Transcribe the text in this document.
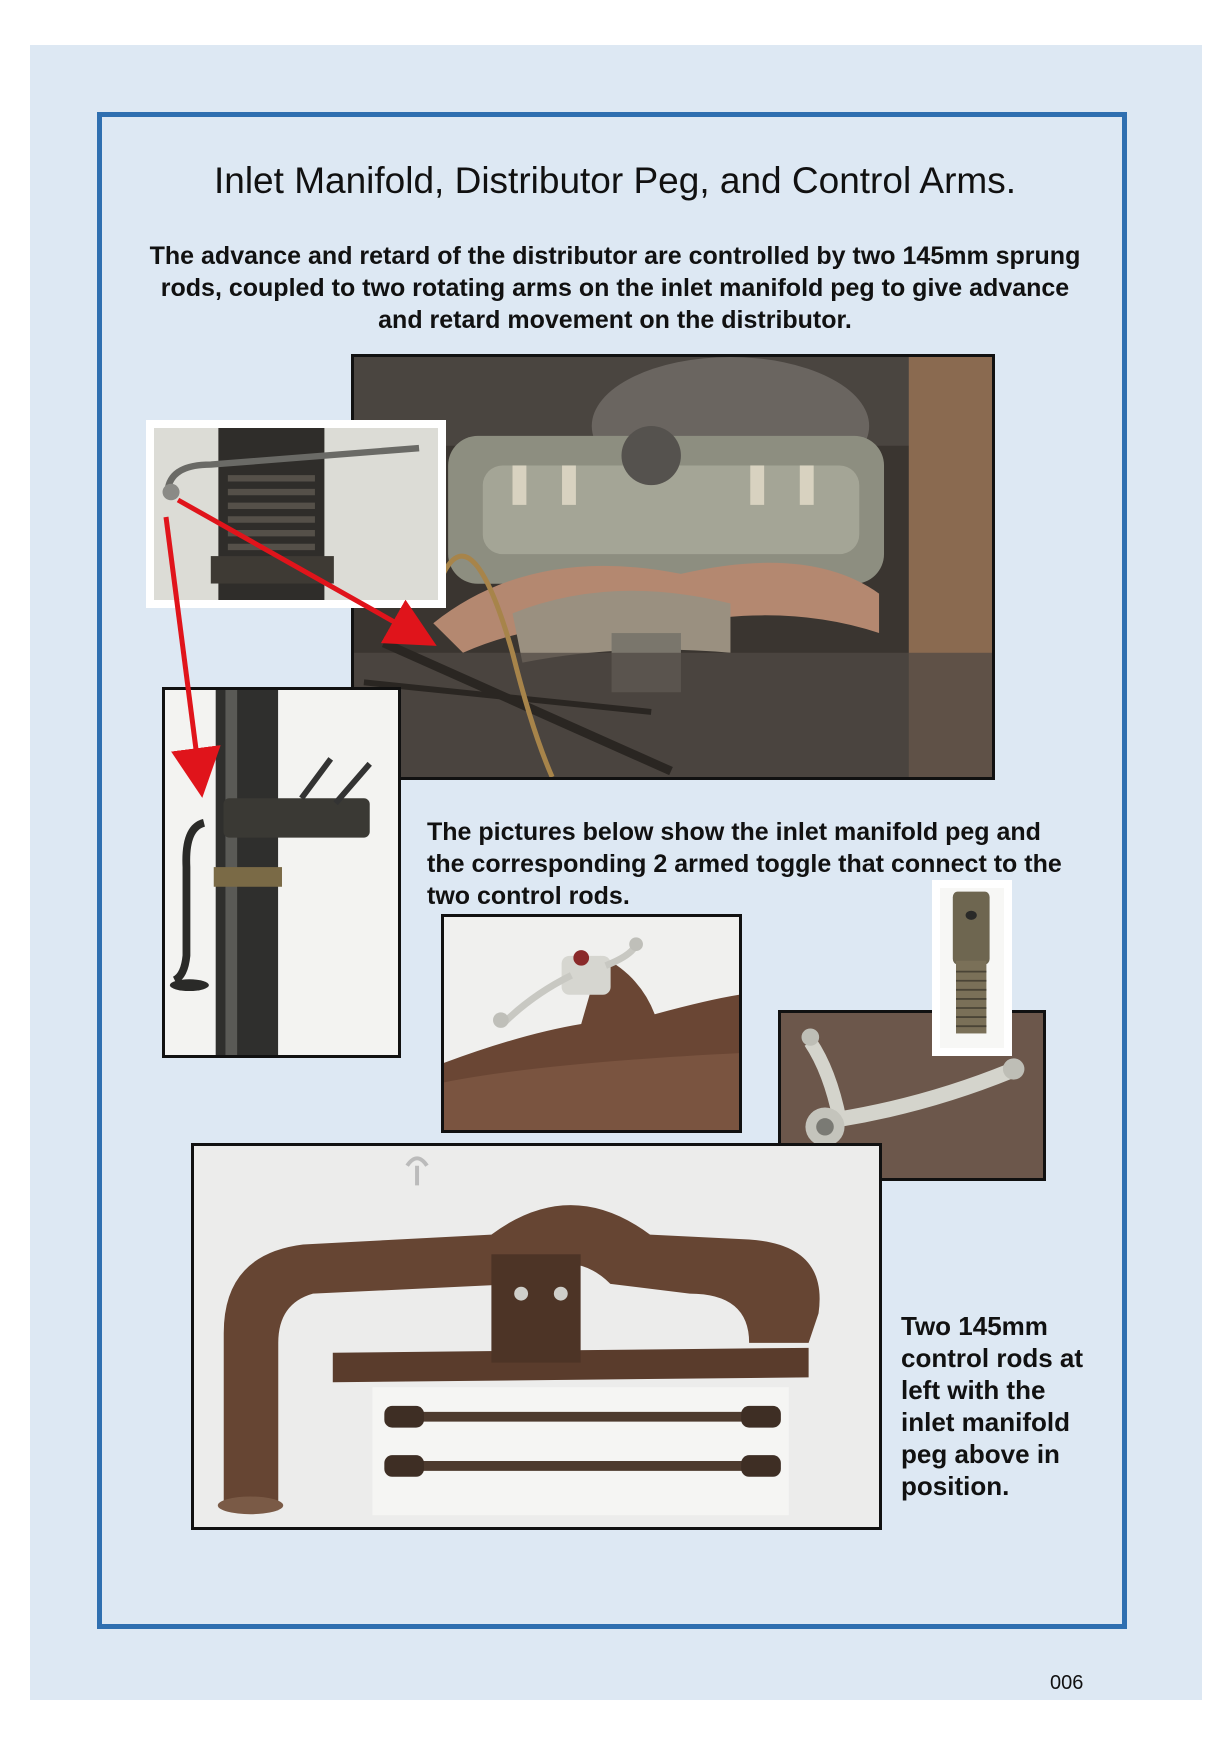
Inlet Manifold, Distributor Peg, and Control Arms.

The advance and retard of the distributor are controlled by two 145mm sprung rods, coupled to two rotating arms on the inlet manifold peg to give advance and retard movement on the distributor.

The pictures below show the inlet manifold peg and the corresponding 2 armed toggle that connect to the two control rods.

Two 145mm control rods at left with the inlet manifold peg above in position.

006
